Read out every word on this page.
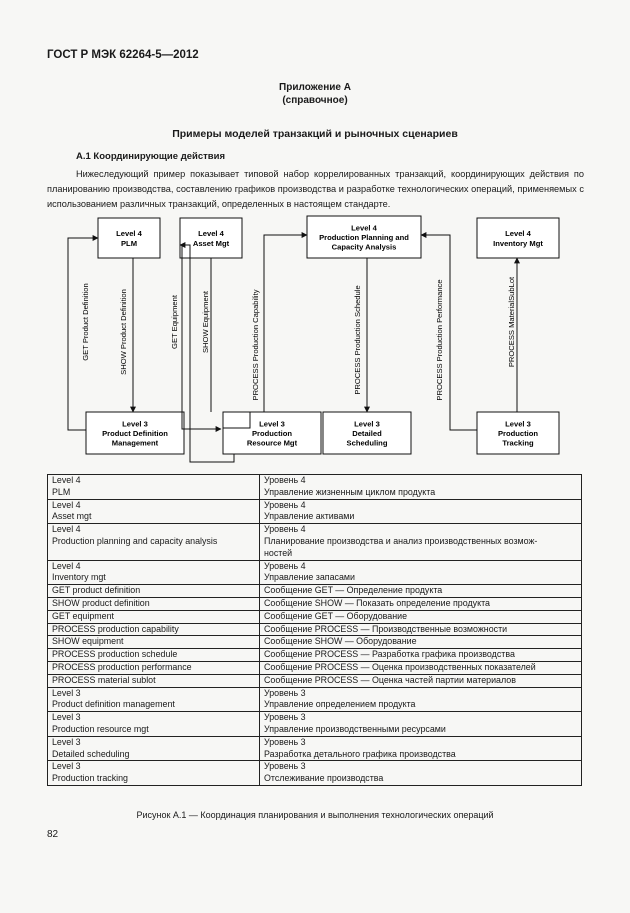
ГОСТ Р МЭК 62264-5—2012
Приложение А
(справочное)
Примеры моделей транзакций и рыночных сценариев
А.1 Координирующие действия
Нижеследующий пример показывает типовой набор коррелированных транзакций, координирующих действия по планированию производства, составлению графиков производства и разработке технологических операций, применяемых с использованием различных транзакций, определенных в настоящем стандарте.
Level 4
PLM
Level 4
Asset Mgt
Level 4
Production Planning and
Capacity Analysis
Level 4
Inventory Mgt
Level 3
Product Definition
Management
Level 3
Production
Resource Mgt
Level 3
Detailed
Scheduling
Level 3
Production
Tracking
GET Product Definition	SHOW Product Definition	GET Equipment	SHOW Equipment	PROCESS Production Capability	PROCESS Production Schedule	PROCESS Production Performance	PROCESS MaterialSubLot
Level 4
PLM	Уровень 4
Управление жизненным циклом продукта
Level 4
Asset mgt	Уровень 4
Управление активами
Level 4
Production planning and capacity analysis	Уровень 4
Планирование производства и анализ производственных возмож-
ностей
Level 4
Inventory mgt	Уровень 4
Управление запасами
GET product definition	Сообщение GET — Определение продукта
SHOW product definition	Сообщение SHOW — Показать определение продукта
GET equipment	Сообщение GET — Оборудование
PROCESS production capability	Сообщение PROCESS — Производственные возможности
SHOW equipment	Сообщение SHOW — Оборудование
PROCESS production schedule	Сообщение PROCESS — Разработка графика производства
PROCESS production performance	Сообщение PROCESS — Оценка производственных показателей
PROCESS material sublot	Сообщение PROCESS — Оценка частей партии материалов
Level 3
Product definition management	Уровень 3
Управление определением продукта
Level 3
Production resource mgt	Уровень 3
Управление производственными ресурсами
Level 3
Detailed scheduling	Уровень 3
Разработка детального графика производства
Level 3
Production tracking	Уровень 3
Отслеживание производства
Рисунок А.1 — Координация планирования и выполнения технологических операций
82
